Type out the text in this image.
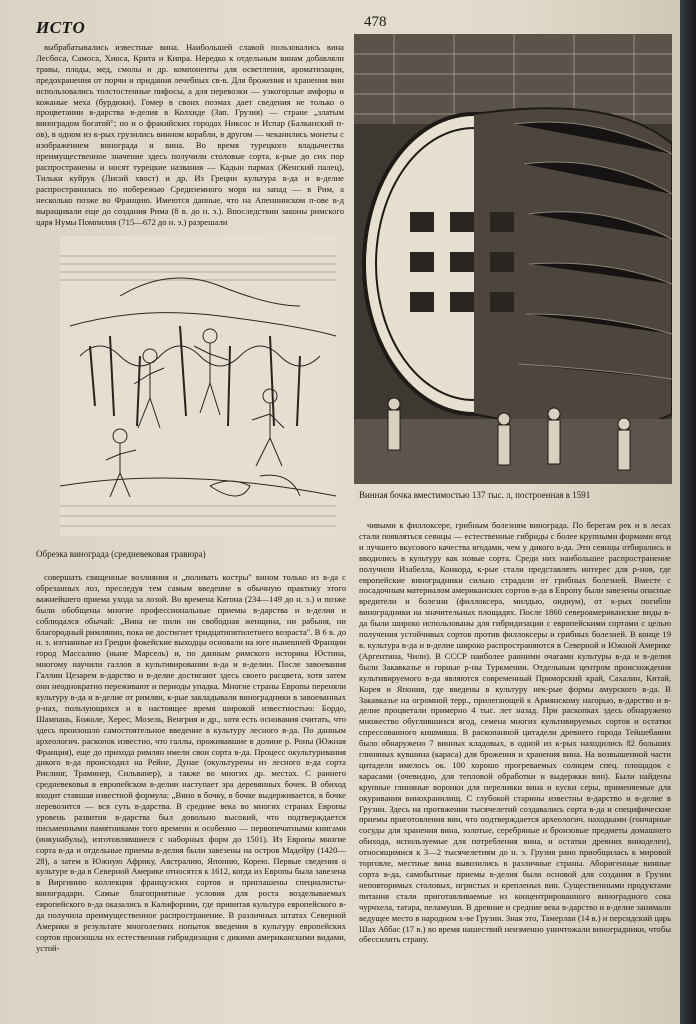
ИСТО	478

выбрабатывались известные вина. Наибольшей славой пользовались вина Лесбоса, Самоса, Хиоса, Крита и Кипра. Нередко к отдельным винам добавляли травы, плоды, мед, смолы и др. компоненты для осветления, ароматизации, предохранения от порчи и придания лечебных св-в. Для брожения и хранения вин использовались толстостенные пифосы, а для перевозки — узкогорлые амфоры и кожаные меха (бурдюки). Гомер в своих поэмах дает сведения не только о процветании в-дарства в-делия в Колхиде (Зап. Грузия) — стране „златым виноградом богатой"; но и о фракийских городах Никсос и Испар (Балканский п-ов), в одном из к-рых грузились винном корабли, в другом — чеканились монеты с изображением винограда и вина. Во время турецкого владычества преимущественное значение здесь получили столовые сорта, к-рые до сих пор распространены и носят турецкие названия — Кадын пармах (Женский палец), Тильки куйрук (Лисий хвост) и др. Из Греции культура в-да и в-делие распространилась по побережью Средиземного моря на запад — в Рим, а несколько позже во Францию. Имеются данные, что на Апеннинском п-ове в-д выращивали еще до создания Рима (8 в. до н. э.). Впоследствии законы римского царя Нумы Помпилия (715—672 до н. э.) разрешали

Обрезка винограда (средневековая гравюра)

совершать священные возлияния и „поливать костры" вином только из в-да с обрезанных лоз, преследуя тем самым введение в обычную практику этого важнейшего приема ухода за лозой. Во времена Катона (234—149 до н. э.) и позже были обобщены многие профессиональные приемы в-дарства и в-делия и соблюдался обычай: „Вина не пили ни свободная женщина, ни рабыня, ни благородный римлянин, пока не достигнет тридцатипятилетнего возраста". В 6 в. до н. э. изгнанные из Греции фокейские выходцы основали на юге нынешней Франции город Массалию (ныне Марсель) и, по данным римского историка Юстина, многому научили галлов в культивировании в-да и в-делии. После завоевания Галлии Цезарем в-дарство и в-делие достигают здесь своего расцвета, хотя затем они неоднократно переживают и периоды упадка. Многие страны Европы переняли культуру в-да и в-делие от римлян, к-рые закладывали виноградники в завоеванных р-нах, пользующихся и в настоящее время широкой известностью: Бордо, Шампань, Божоле, Херес, Мозель, Венгрия и др., хотя есть основания считать, что здесь произошло самостоятельное введение в культуру лесного в-да. По данным археологич. раскопок известно, что галлы, проживавшие в долине р. Роны (Южная Франция), еще до прихода римлян имели свои сорта в-да. Процесс окультуривания дикого в-да происходил на Рейне, Дунае (окультурены из лесного в-да сорта Рислинг, Траминер, Сильванер), а также во многих др. местах. С раннего средневековья в европейском в-делии наступает эра деревянных бочек. В обиход входит ставшая известной формула: „Вино в бочку, в бочке выдерживается, в бочке перевозится — вся суть в-дарства. В средние века во многих странах Европы уровень развития в-дарства был довольно высокий, что подтверждается письменными памятниками того времени и особенно — первопечатными книгами (инкунабулы), изготовлявшиеся с наборных форм до 1501). Из Европы многие сорта в-да и отдельные приемы в-делия были завезены на остров Мадейру (1420—28), а затем в Южную Африку, Австралию, Японию, Корею. Первые сведения о культуре в-да в Северной Америке относятся к 1612, когда из Европы была завезена в Виргинию коллекция французских сортов и приглашены специалисты-виноградари. Самые благоприятные условия для роста возделываемых европейского в-да оказались в Калифорнии, где привитая культура европейского в-да получила преимущественное распространение. В различных штатах Северной Америки в результате многолетних попыток введения в культуру европейских сортов произошла их естественная гибридизация с дикими американскими видами, устой-

Винная бочка вместимостью 137 тыс. л, построенная в 1591

чивыми к филлоксере, грибным болезням винограда. По берегам рек и в лесах стали появляться сеянцы — естественные гибриды с более крупными формами ягод и лучшего вкусового качества ягодами, чем у дикого в-да. Эти сеянцы отбирались и вводились в культуру как новые сорта. Среди них наибольшее распространение получили Изабелла, Конкорд, к-рые стали представлять интерес для р-нов, где европейские виноградники сильно страдали от грибных болезней. Вместе с посадочным материалом американских сортов в-да в Европу были завезены опасные вредители и болезни (филлоксера, милдью, оидиум), от к-рых погибли виноградники на значительных площадях. После 1860 североамериканские виды в-да были широко использованы для гибридизации с европейскими сортами с целью получения устойчивых сортов против филлоксеры и грибных болезней. В конце 19 в. культура в-да и в-делие широко распространяются в Северной и Южной Америке (Аргентина, Чили). В СССР наиболее ранними очагами культуры в-да и в-делия были Закавказье и горные р-ны Туркмении. Отдельным центром происхождения культивируемого в-да являются современный Приморский край, Сахалин, Китай, Корея и Япония, где введены в культуру нек-рые формы амурского в-да. В Закавказье на огромной терр., прилегающей к Армянскому нагорью, в-дарство и в-делие процветали примерно 4 тыс. лет назад. При раскопках здесь обнаружено множество обуглившихся ягод, семена многих культивируемых сортов и остатки спрессованного кишмиша. В раскопанной цитадели древнего города Тейшебаини было обнаружено 7 винных кладовых, в одной из к-рых находились 82 больших глиняных кувшина (караса) для брожения и хранения вина. На возвышенной части цитадели имелось ок. 100 хорошо прогреваемых солнцем спец. площадок с карасами (очевидно, для тепловой обработки и выдержки вин). Были найдены крупные глиняные воронки для переливки вина и куски серы, применяемые для окуривания винохранилищ. С глубокой старины известны в-дарство и в-делие в Грузии. Здесь на протяжении тысячелетий создавались сорта в-да и специфические приемы приготовления вин, что подтверждается археологич. находками (гончарные сосуды для хранения вина, золотые, серебряные и бронзовые предметы домашнего обихода, используемые для потребления вина, и остатки древних виноделен), относящимися к 3—2 тысячелетиям до н. э. Грузия рано приобщилась к мировой торговле, местные вина вывозились в различные страны. Аборигенные винные сорта в-да, самобытные приемы в-делия были основой для создания в Грузии неповторимых столовых, игристых и крепленых вин. Существенными продуктами питания стали приготавливаемые из концентрированного виноградного сока чурчхела, татара, пеламуши. В древние и средние века в-дарство и в-делие занимали ведущее место в народном х-ве Грузии. Зная это, Тамерлан (14 в.) и персидский царь Шах Аббас (17 в.) во время нашествий неизменно уничтожали виноградники, чтобы обессилить страну.
